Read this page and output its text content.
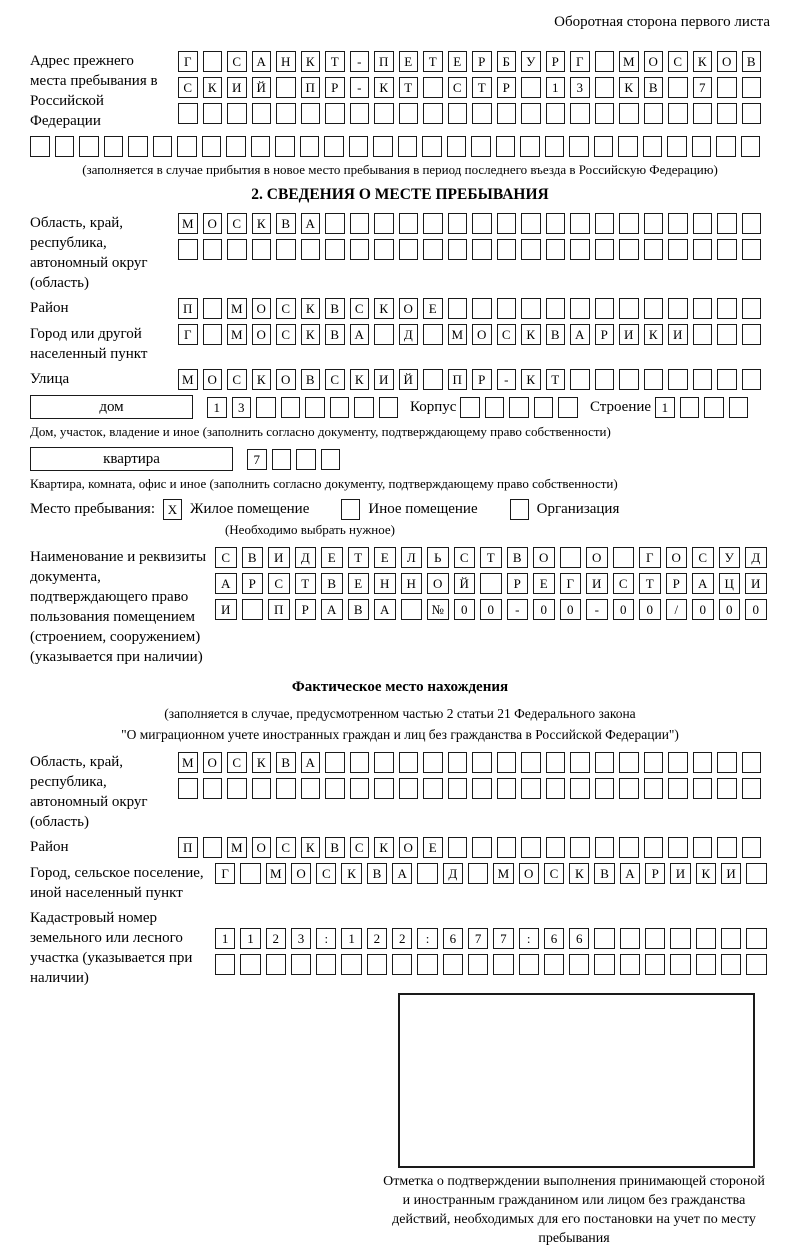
Оборотная сторона первого листа
Адрес прежнего места пребывания в Российской Федерации
Г	С	А	Н	К	Т	-	П	Е	Т	Е	Р	Б	У	Р	Г	М	О	С	К	О	В
С	К	И	Й	П	Р	-	К	Т	С	Т	Р	1	3	К	В	7
(заполняется в случае прибытия в новое место пребывания в период последнего въезда в Российскую Федерацию)
2. СВЕДЕНИЯ О МЕСТЕ ПРЕБЫВАНИЯ
Область, край, республика, автономный округ (область)
М	О	С	К	В	А
Район	П	М	О	С	К	В	С	К	О	Е
Город или другой населенный пункт
Г	М	О	С	К	В	А	Д	М	О	С	К	В	А	Р	И	К	И
Улица	М	О	С	К	О	В	С	К	И	Й	П	Р	-	К	Т
дом	1	3	Корпус	Строение 1
Дом, участок, владение и иное (заполнить согласно документу, подтверждающему право собственности)
квартира	7
Квартира, комната, офис и иное (заполнить согласно документу, подтверждающему право собственности)
Место пребывания: X Жилое помещение	Иное помещение	Организация
(Необходимо выбрать нужное)
Наименование и реквизиты документа, подтверждающего право пользования помещением (строением, сооружением) (указывается при наличии)
С	В	И	Д	Е	Т	Е	Л	Ь	С	Т	В	О	О	Г	О	С	У	Д
А	Р	С	Т	В	Е	Н	Н	О	Й	Р	Е	Г	И	С	Т	Р	А	Ц	И
И	П	Р	А	В	А	№	0	0	-	0	0	-	0	0	/	0	0	0
Фактическое место нахождения
(заполняется в случае, предусмотренном частью 2 статьи 21 Федерального закона
"О миграционном учете иностранных граждан и лиц без гражданства в Российской Федерации")
Область, край, республика, автономный округ (область)
М	О	С	К	В	А
Район	П	М	О	С	К	В	С	К	О	Е
Город, сельское поселение, иной населенный пункт
Г	М	О	С	К	В	А	Д	М	О	С	К	В	А	Р	И	К	И
Кадастровый номер земельного или лесного участка (указывается при наличии)
1	1	2	3	:	1	2	2	:	6	7	7	:	6	6
Отметка о подтверждении выполнения принимающей стороной и иностранным гражданином или лицом без гражданства действий, необходимых для его постановки на учет по месту пребывания
